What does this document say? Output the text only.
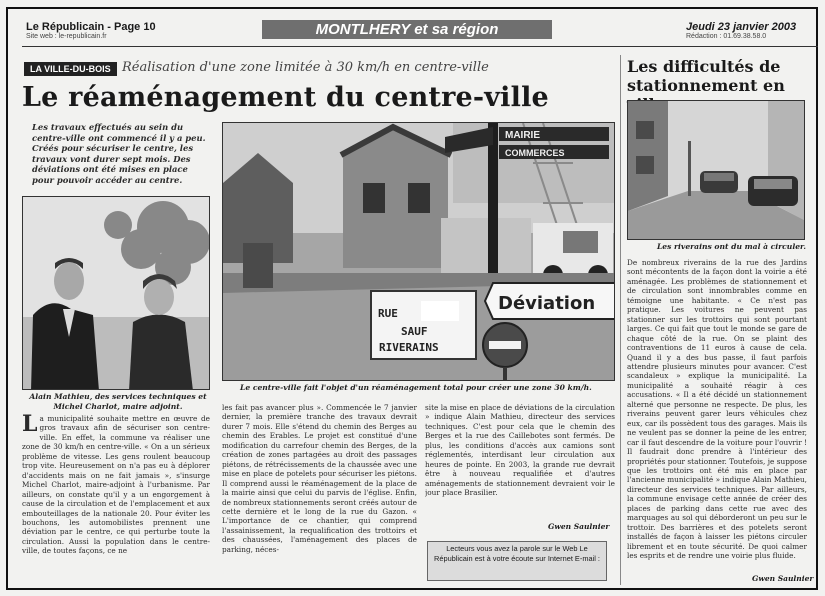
Le Républicain - Page 10
Site web : le-republicain.fr	MONTLHERY et sa région	Jeudi 23 janvier 2003
Rédaction : 01.69.38.58.0
LA VILLE-DU-BOIS Réalisation d'une zone limitée à 30 km/h en centre-ville
Le réaménagement du centre-ville
Les difficultés de stationnement en
Les travaux effectués au sein du centre-ville ont commencé il y a peu. Créés pour sécuriser le centre, les travaux vont durer sept mois. Des déviations ont été mises en place pour pouvoir accéder au centre.
Alain Mathieu, des services techniques et Michel Charlot, maire adjoint.
MAIRIE
COMMERCES
RUE
SAUF
RIVERAINS
Déviation
Le centre-ville fait l'objet d'un réaménagement total pour créer une zone 30 km/h.
Les riverains ont du mal à circuler.
L a municipalité souhaite mettre en œuvre de gros travaux afin de sécuriser son centre-ville. En effet, la commune va réaliser une zone de 30 km/h en centre-ville. « On a un sérieux problème de vitesse. Les gens roulent beaucoup trop vite. Heureusement on n'a pas eu à déplorer d'accidents mais on ne fait jamais », s'insurge Michel Charlot, maire-adjoint à l'urbanisme. Par ailleurs, on constate qu'il y a un engorgement à cause de la circulation et de l'emplacement et aux embouteillages de la nationale 20. Pour éviter les bouchons, les automobilistes prennent une déviation par le centre, ce qui perturbe toute la circulation. Aussi la population dans le centre-ville, de toutes façons, ce ne
les fait pas avancer plus ». Commencée le 7 janvier dernier, la première tranche des travaux devrait durer 7 mois. Elle s'étend du chemin des Berges au chemin des Erables. Le projet est constitué d'une modification du carrefour chemin des Berges, de la création de zones partagées au droit des passages piétons, de rétrécissements de la chaussée avec une mise en place de potelets pour sécuriser les piétons. Il comprend aussi le réaménagement de la place de la mairie ainsi que celui du parvis de l'église. Enfin, de nombreux stationnements seront créés autour de cette dernière et le long de la rue du Gazon. « L'importance de ce chantier, qui comprend l'assainissement, la requalification des trottoirs et des chaussées, l'aménagement des places de parking, néces-
site la mise en place de déviations de la circulation » indique Alain Mathieu, directeur des services techniques. C'est pour cela que le chemin des Berges et la rue des Caillebotes sont fermés. De plus, les conditions d'accès aux camions sont réglementés, interdisant leur circulation aux heures de pointe. En 2003, la grande rue devrait être à nouveau requalifiée et d'autres aménagements de stationnement devraient voir le jour place Brasilier.
Gwen Saulnier
Lecteurs vous avez la parole sur le Web Le Républicain est à votre écoute sur Internet E-mail :
De nombreux riverains de la rue des Jardins sont mécontents de la façon dont la voirie a été aménagée. Les problèmes de stationnement et de circulation sont innombrables comme en témoigne une habitante. « Ce n'est pas pratique. Les voitures ne peuvent pas stationner sur les trottoirs qui sont pourtant larges. Ce qui fait que tout le monde se gare de chaque côté de la rue. On se plaint des contraventions de 11 euros à cause de cela. Quand il y a des bus passe, il faut parfois attendre plusieurs minutes pour avancer. C'est scandaleux » explique la municipalité. La municipalité a souhaité réagir à ces accusations. « Il a été décidé un stationnement alterné que personne ne respecte. De plus, les riverains peuvent garer leurs véhicules chez eux, car ils possèdent tous des garages. Mais ils ne veulent pas se donner la peine de les entrer, car il faut descendre de la voiture pour l'ouvrir ! Il faudrait donc prendre à l'intérieur des propriétés pour stationner. Toutefois, je suppose que les trottoirs ont été mis en place par l'ancienne municipalité » indique Alain Mathieu, directeur des services techniques. Par ailleurs, la commune envisage cette année de créer des places de parking dans cette rue avec des marquages au sol qui déborderont un peu sur le trottoir. Des barrières et des potelets seront installés de façon à laisser les piétons circuler librement et en toute sécurité. De quoi calmer les esprits et de rendre une voirie plus fluide.
Gwen Saulnier
